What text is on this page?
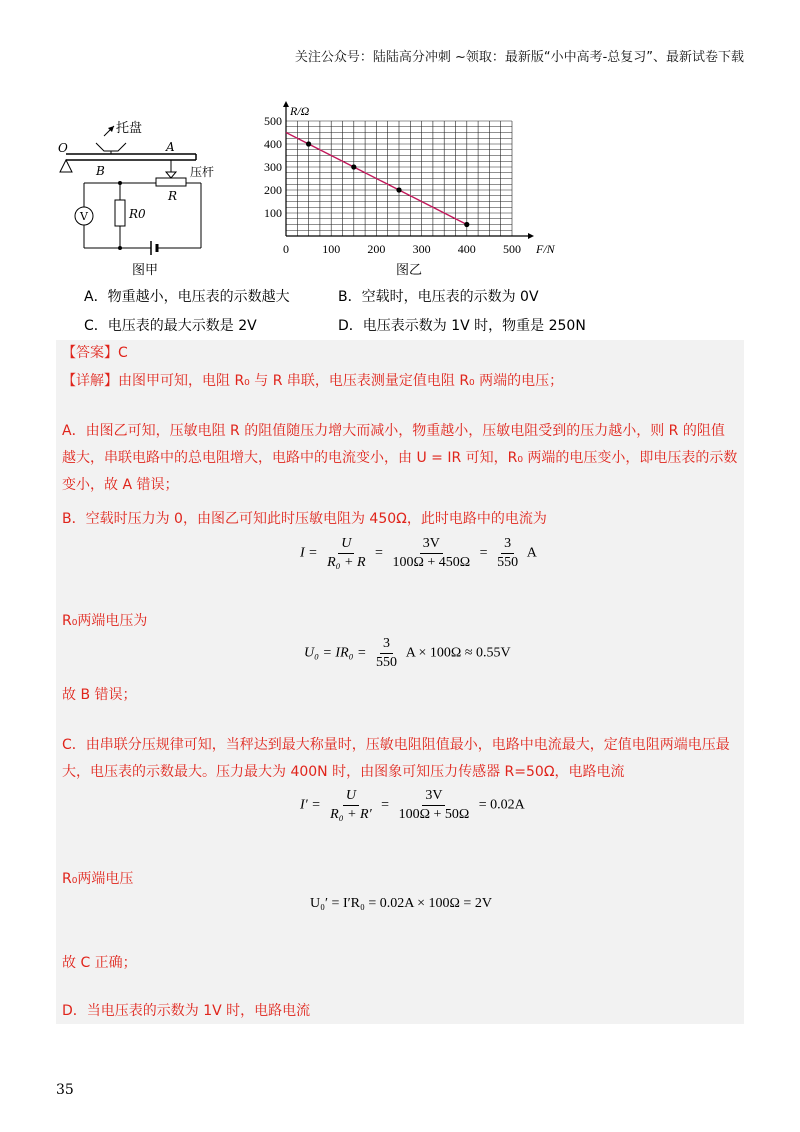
关注公众号：陆陆高分冲刺 ~领取：最新版“小中高考-总复习”、最新试卷下载
托盘
O	A
B	压杆
R
R0
V
图甲
0	100 200 300 400 500
100
200
300
400
500
F/N
R/Ω
图乙
A．物重越小，电压表的示数越大	B．空载时，电压表的示数为 0V
C．电压表的最大示数是 2V	D．电压表示数为 1V 时，物重是 250N
【答案】C
【详解】由图甲可知，电阻 R₀ 与 R 串联，电压表测量定值电阻 R₀ 两端的电压；
A．由图乙可知，压敏电阻 R 的阻值随压力增大而减小，物重越小，压敏电阻受到的压力越小，则 R 的阻值越大，串联电路中的总电阻增大，电路中的电流变小，由 U = IR 可知，R₀ 两端的电压变小，即电压表的示数变小，故 A 错误；
B．空载时压力为 0，由图乙可知此时压敏电阻为 450Ω，此时电路中的电流为
$I = \frac{U}{\text{R₀ + R}} = \frac{3V}{100\Omega + 450\Omega} = \frac{3}{550}$ A
R₀两端电压为
$U_0 = IR_0 = \frac{3}{550}$ A × 100Ω ≈ 0.55V
故 B 错误；
C．由串联分压规律可知，当秤达到最大称量时，压敏电阻阻值最小，电路中电流最大，定值电阻两端电压最大，电压表的示数最大。压力最大为 400N 时，由图象可知压力传感器 R=50Ω，电路电流
$I' = \frac{U}{\text{R₀ + R′}} = \frac{3V}{100\Omega + 50\Omega} = 0.02A$
R₀两端电压
U₀′ = I′R₀ = 0.02A × 100Ω = 2V
故 C 正确；
D．当电压表的示数为 1V 时，电路电流
35
